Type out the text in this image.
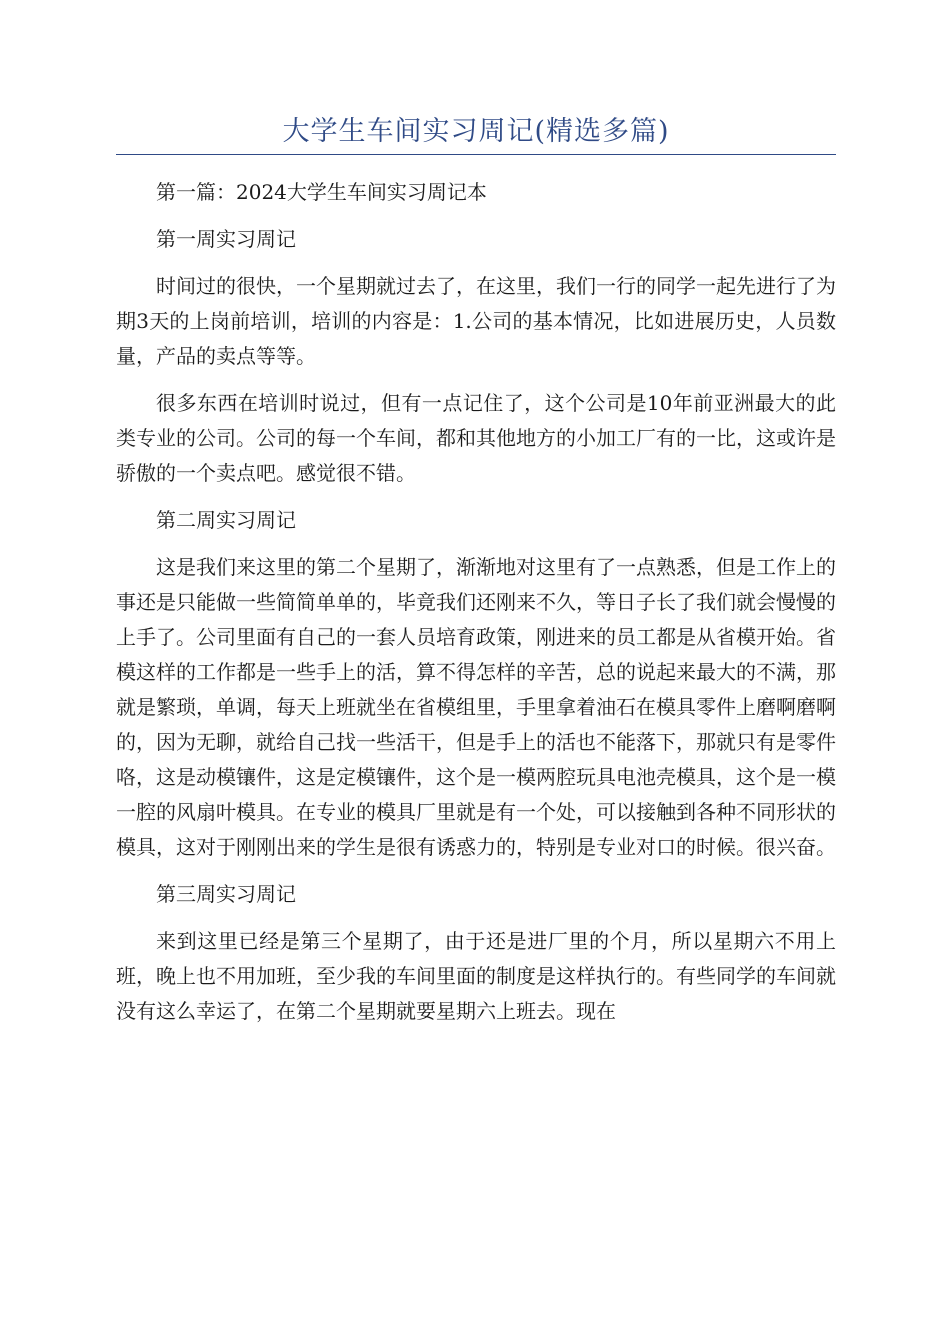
大学生车间实习周记(精选多篇)

第一篇：2024大学生车间实习周记本

第一周实习周记

时间过的很快，一个星期就过去了，在这里，我们一行的同学一起先进行了为期3天的上岗前培训，培训的内容是：1.公司的基本情况，比如进展历史，人员数量，产品的卖点等等。

很多东西在培训时说过，但有一点记住了，这个公司是10年前亚洲最大的此类专业的公司。公司的每一个车间，都和其他地方的小加工厂有的一比，这或许是骄傲的一个卖点吧。感觉很不错。

第二周实习周记

这是我们来这里的第二个星期了，渐渐地对这里有了一点熟悉，但是工作上的事还是只能做一些简简单单的，毕竟我们还刚来不久，等日子长了我们就会慢慢的上手了。公司里面有自己的一套人员培育政策，刚进来的员工都是从省模开始。省模这样的工作都是一些手上的活，算不得怎样的辛苦，总的说起来最大的不满，那就是繁琐，单调，每天上班就坐在省模组里，手里拿着油石在模具零件上磨啊磨啊的，因为无聊，就给自己找一些活干，但是手上的活也不能落下，那就只有是零件咯，这是动模镶件，这是定模镶件，这个是一模两腔玩具电池壳模具，这个是一模一腔的风扇叶模具。在专业的模具厂里就是有一个处，可以接触到各种不同形状的模具，这对于刚刚出来的学生是很有诱惑力的，特别是专业对口的时候。很兴奋。

第三周实习周记

来到这里已经是第三个星期了，由于还是进厂里的个月，所以星期六不用上班，晚上也不用加班，至少我的车间里面的制度是这样执行的。有些同学的车间就没有这么幸运了，在第二个星期就要星期六上班去。现在
